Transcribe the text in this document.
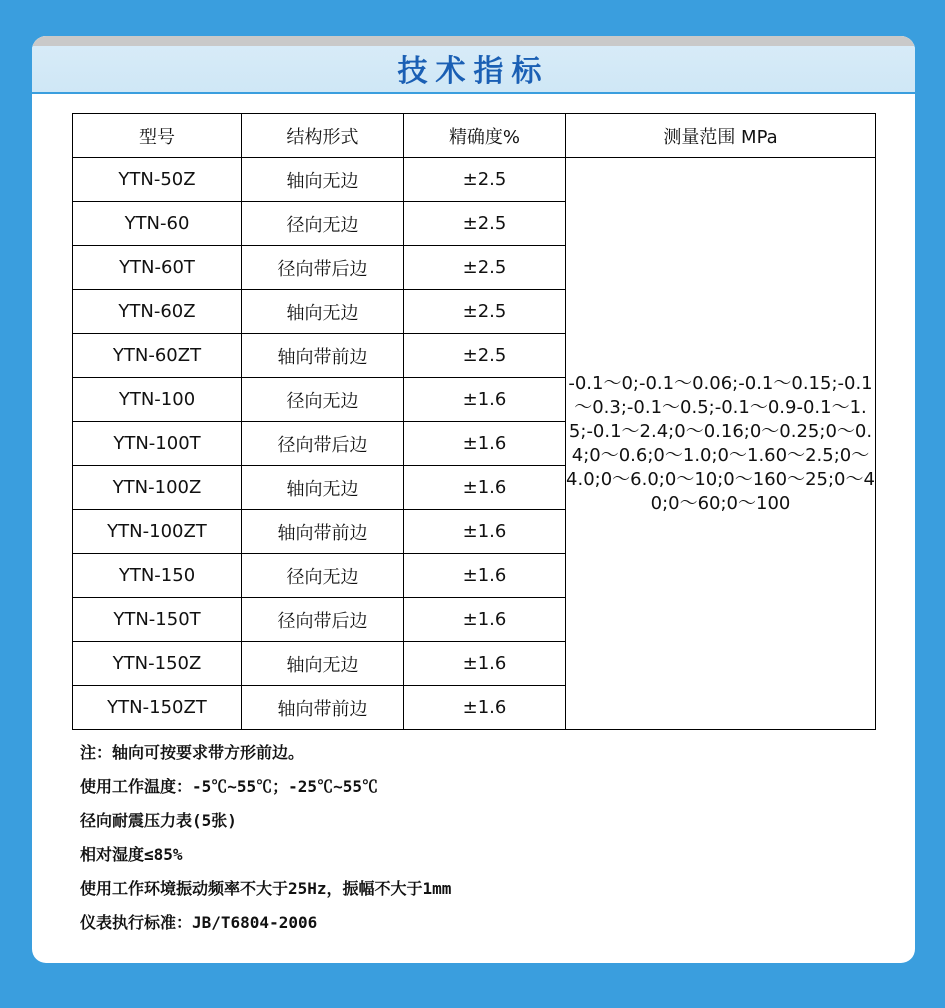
技术指标
型号	结构形式	精确度%	测量范围 MPa
YTN-50Z	轴向无边	±2.5	-0.1～0;-0.1～0.06;-0.1～0.15;-0.1～0.3;-0.1～0.5;-0.1～0.9-0.1～1.5;-0.1～2.4;0～0.16;0～0.25;0～0.4;0～0.6;0～1.0;0～1.60～2.5;0～4.0;0～6.0;0～10;0～160～25;0～40;0～60;0～100
YTN-60	径向无边	±2.5	
YTN-60T	径向带后边	±2.5	
YTN-60Z	轴向无边	±2.5	
YTN-60ZT	轴向带前边	±2.5	
YTN-100	径向无边	±1.6	
YTN-100T	径向带后边	±1.6	
YTN-100Z	轴向无边	±1.6	
YTN-100ZT	轴向带前边	±1.6	
YTN-150	径向无边	±1.6	
YTN-150T	径向带后边	±1.6	
YTN-150Z	轴向无边	±1.6	
YTN-150ZT	轴向带前边	±1.6	
注：轴向可按要求带方形前边。
使用工作温度：-5℃~55℃；-25℃~55℃
径向耐震压力表(5张)
相对湿度≤85%
使用工作环境振动频率不大于25Hz，振幅不大于1mm
仪表执行标准：JB/T6804-2006
